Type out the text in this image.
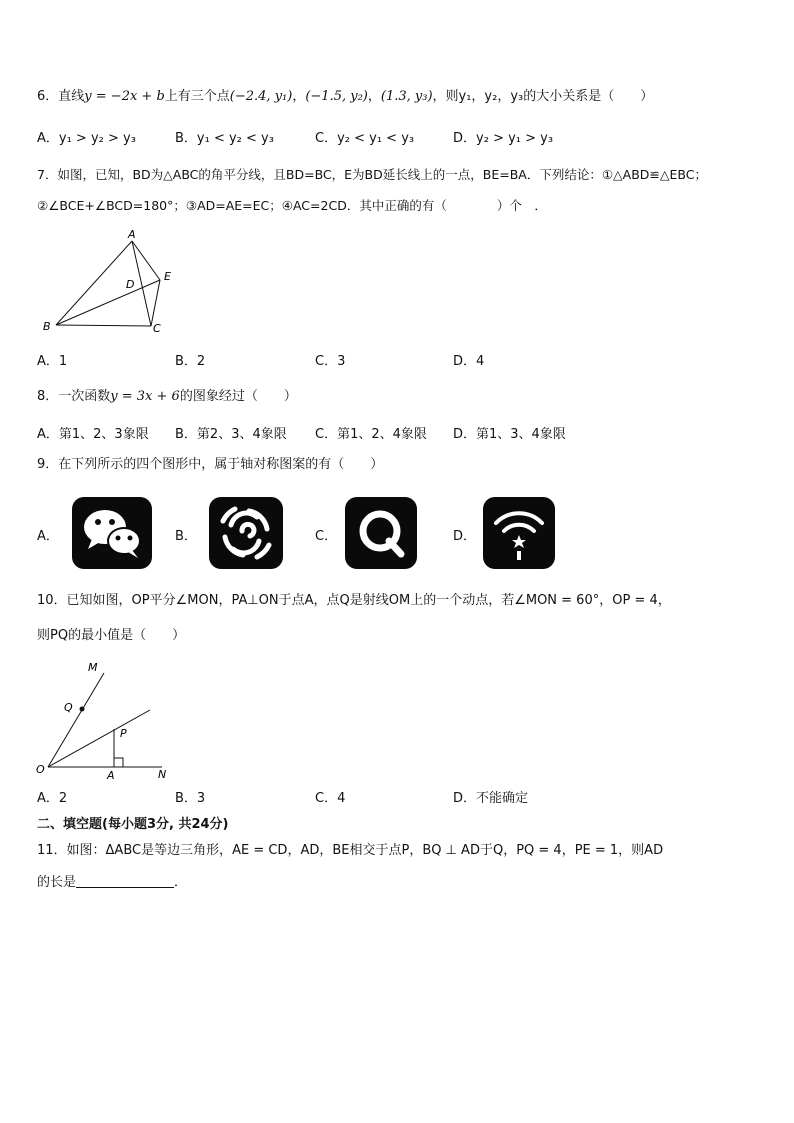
6．直线y = −2x + b上有三个点(−2.4, y₁)，(−1.5, y₂)，(1.3, y₃)，则y₁，y₂，y₃的大小关系是（　　）
A．y₁ > y₂ > y₃	B．y₁ < y₂ < y₃	C．y₂ < y₁ < y₃	D．y₂ > y₁ > y₃
7．如图，已知，BD为△ABC的角平分线，且BD=BC，E为BD延长线上的一点，BE=BA．下列结论：①△ABD≌△EBC；
②∠BCE+∠BCD=180°；③AD=AE=EC；④AC=2CD．其中正确的有（　　　　）个　．
A
B	C
D
E
A．1	B．2	C．3	D．4
8．一次函数y = 3x + 6的图象经过（　　）
A．第1、2、3象限 B．第2、3、4象限 C．第1、2、4象限 D．第1、3、4象限
9．在下列所示的四个图形中，属于轴对称图案的有（　　）
A．	B．	C．	D．
10．已知如图，OP平分∠MON，PA⊥ON于点A，点Q是射线OM上的一个动点，若∠MON = 60°，OP = 4，
则PQ的最小值是（　　）
M
Q
P
O	A	N
A．2	B．3	C．4	D．不能确定
二、填空题(每小题3分, 共24分)
11．如图：ΔABC是等边三角形，AE = CD，AD，BE相交于点P，BQ ⊥ AD于Q，PQ = 4，PE = 1，则AD
的长是	．
